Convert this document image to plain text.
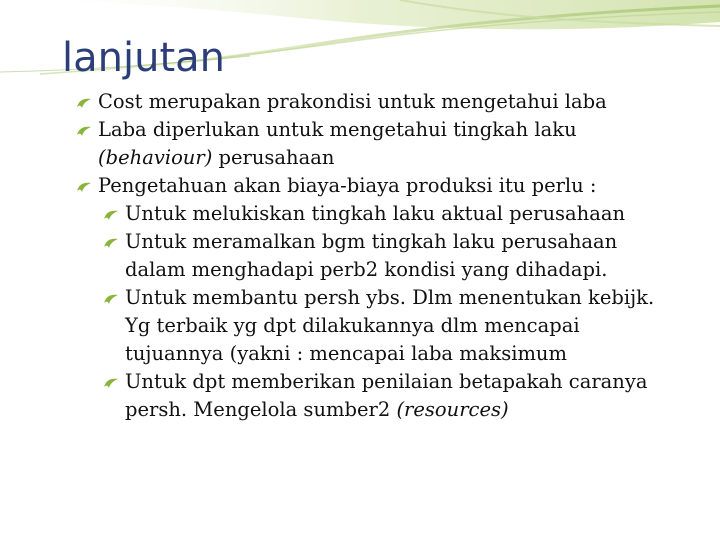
lanjutan

Cost merupakan prakondisi untuk mengetahui laba

Laba diperlukan untuk mengetahui tingkah laku (behaviour) perusahaan

Pengetahuan akan biaya-biaya produksi itu perlu :

Untuk melukiskan tingkah laku aktual perusahaan

Untuk meramalkan bgm tingkah laku perusahaan dalam menghadapi perb2 kondisi yang dihadapi.

Untuk membantu persh ybs. Dlm menentukan kebijk. Yg terbaik yg dpt dilakukannya dlm mencapai tujuannya (yakni : mencapai laba maksimum

Untuk dpt memberikan penilaian betapakah caranya persh. Mengelola sumber2 (resources)
